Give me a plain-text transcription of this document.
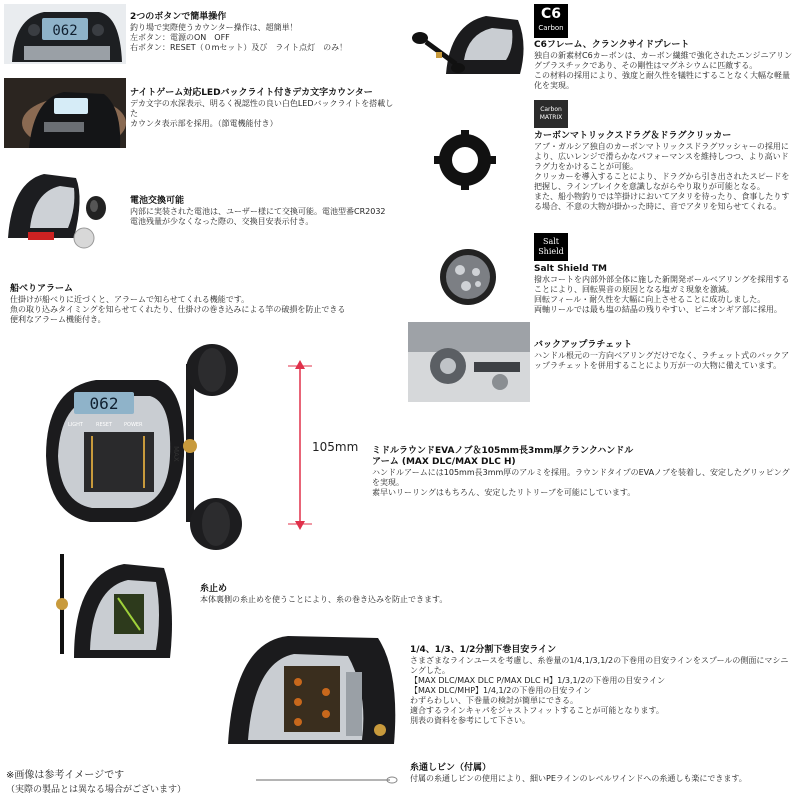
062
2つのボタンで簡単操作
釣り場で実際使うカウンター操作は、超簡単！
左ボタン：電源のON　OFF
右ボタン：RESET（０mセット）及び　ライト点灯　のみ！
ナイトゲーム対応LEDバックライト付きデカ文字カウンター
デカ文字の水深表示、明るく視認性の良い白色LEDバックライトを搭載した
カウンタ表示部を採用。（節電機能付き）
電池交換可能
内部に実装された電池は、ユーザー様にて交換可能。電池型番CR2032
電池残量が少なくなった際の、交換目安表示付き。
船べりアラーム
仕掛けが船べりに近づくと、アラームで知らせてくれる機能です。
魚の取り込みタイミングを知らせてくれたり、仕掛けの巻き込みによる竿の破損を防止できる
便利なアラーム機能付き。
C6
Carbon
C6フレーム、クランクサイドプレート
独自の新素材C6カーボンは、カーボン繊維で強化されたエンジニアリングプラスチックであり、その剛性はマグネシウムに匹敵する。
この材料の採用により、強度と耐久性を犠牲にすることなく大幅な軽量化を実現。
Carbon
MATRIX
カーボンマトリックスドラグ＆ドラグクリッカー
アブ・ガルシア独自のカーボンマトリックスドラグワッシャーの採用により、広いレンジで滑らかなパフォーマンスを維持しつつ、より高いドラグ力をかけることが可能。
クリッカーを導入することにより、ドラグから引き出されたスピードを把握し、ラインブレイクを意識しながらやり取りが可能となる。
また、船小物釣りでは竿掛けにおいてアタリを待ったり、食事したりする場合、不意の大物が掛かった時に、音でアタリを知らせてくれる。
Salt
Shield
Salt Shield TM
撥水コートを内部外部全体に施した新開発ボールベアリングを採用することにより、回転異音の原因となる塩ガミ現象を激減。
回転フィール・耐久性を大幅に向上させることに成功しました。
両軸リールでは最も塩の結晶の残りやすい、ピニオンギア部に採用。
バックアップラチェット
ハンドル根元の一方向ベアリングだけでなく、ラチェット式のバックアップラチェットを併用することにより万が一の大物に備えています。
062
LIGHT	RESET POWER
MAX	105mm ミドルラウンドEVAノブ＆105mm長3mm厚クランクハンドル
アーム (MAX DLC/MAX DLC H)
ハンドルアームには105mm長3mm厚のアルミを採用。ラウンドタイプのEVAノブを装着し、安定したグリッピングを実現。
素早いリーリングはもちろん、安定したリトリーブを可能にしています。
糸止め
本体裏側の糸止めを使うことにより、糸の巻き込みを防止できます。
1/4、1/3、1/2分割下巻目安ライン
さまざまなラインユースを考慮し、糸巻量の1/4,1/3,1/2の下巻用の目安ラインをスプールの側面にマシニングした。
【MAX DLC/MAX DLC P/MAX DLC H】1/3,1/2の下巻用の目安ライン
【MAX DLC/MHP】1/4,1/2の下巻用の目安ライン
わずらわしい、下巻量の検討が簡単にできる。
適合するラインキャパをジャストフィットすることが可能となります。
別表の資料を参考にして下さい。
糸通しビン（付属）
付属の糸通しビンの使用により、細いPEラインのレベルワインドへの糸通しも楽にできます。
※画像は参考イメージです
（実際の製品とは異なる場合がございます）
